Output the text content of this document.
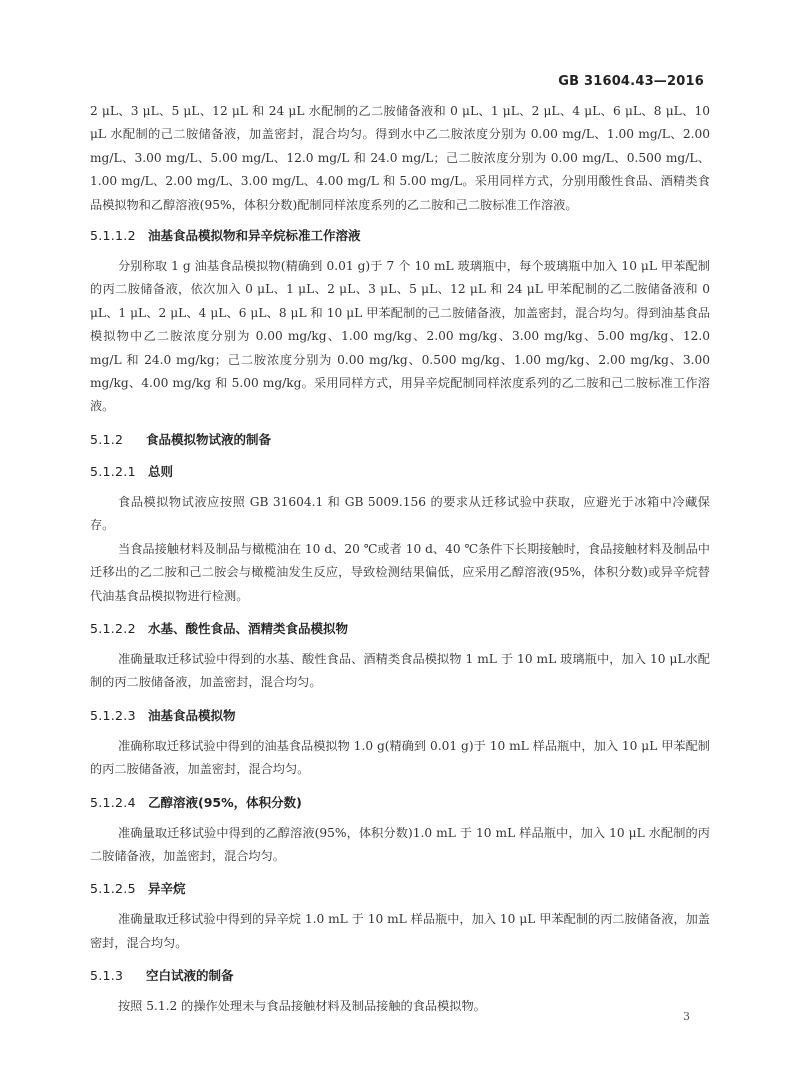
GB 31604.43—2016

2 μL、3 μL、5 μL、12 μL 和 24 μL 水配制的乙二胺储备液和 0 μL、1 μL、2 μL、4 μL、6 μL、8 μL、10 μL 水配制的己二胺储备液，加盖密封，混合均匀。得到水中乙二胺浓度分别为 0.00 mg/L、1.00 mg/L、2.00 mg/L、3.00 mg/L、5.00 mg/L、12.0 mg/L 和 24.0 mg/L；己二胺浓度分别为 0.00 mg/L、0.500 mg/L、1.00 mg/L、2.00 mg/L、3.00 mg/L、4.00 mg/L 和 5.00 mg/L。采用同样方式，分别用酸性食品、酒精类食品模拟物和乙醇溶液(95%，体积分数)配制同样浓度系列的乙二胺和己二胺标准工作溶液。

5.1.1.2 油基食品模拟物和异辛烷标准工作溶液

分别称取 1 g 油基食品模拟物(精确到 0.01 g)于 7 个 10 mL 玻璃瓶中，每个玻璃瓶中加入 10 μL 甲苯配制的丙二胺储备液，依次加入 0 μL、1 μL、2 μL、3 μL、5 μL、12 μL 和 24 μL 甲苯配制的乙二胺储备液和 0 μL、1 μL、2 μL、4 μL、6 μL、8 μL 和 10 μL 甲苯配制的己二胺储备液，加盖密封，混合均匀。得到油基食品模拟物中乙二胺浓度分别为 0.00 mg/kg、1.00 mg/kg、2.00 mg/kg、3.00 mg/kg、5.00 mg/kg、12.0 mg/L 和 24.0 mg/kg；己二胺浓度分别为 0.00 mg/kg、0.500 mg/kg、1.00 mg/kg、2.00 mg/kg、3.00 mg/kg、4.00 mg/kg 和 5.00 mg/kg。采用同样方式，用异辛烷配制同样浓度系列的乙二胺和己二胺标准工作溶液。

5.1.2	食品模拟物试液的制备
5.1.2.1 总则

食品模拟物试液应按照 GB 31604.1 和 GB 5009.156 的要求从迁移试验中获取，应避光于冰箱中冷藏保存。

当食品接触材料及制品与橄榄油在 10 d、20 ℃或者 10 d、40 ℃条件下长期接触时，食品接触材料及制品中迁移出的乙二胺和己二胺会与橄榄油发生反应，导致检测结果偏低，应采用乙醇溶液(95%，体积分数)或异辛烷替代油基食品模拟物进行检测。

5.1.2.2 水基、酸性食品、酒精类食品模拟物

准确量取迁移试验中得到的水基、酸性食品、酒精类食品模拟物 1 mL 于 10 mL 玻璃瓶中，加入 10 μL水配制的丙二胺储备液，加盖密封，混合均匀。

5.1.2.3 油基食品模拟物

准确称取迁移试验中得到的油基食品模拟物 1.0 g(精确到 0.01 g)于 10 mL 样品瓶中，加入 10 μL 甲苯配制的丙二胺储备液，加盖密封，混合均匀。

5.1.2.4 乙醇溶液(95%，体积分数)

准确量取迁移试验中得到的乙醇溶液(95%，体积分数)1.0 mL 于 10 mL 样品瓶中，加入 10 μL 水配制的丙二胺储备液，加盖密封，混合均匀。

5.1.2.5 异辛烷

准确量取迁移试验中得到的异辛烷 1.0 mL 于 10 mL 样品瓶中，加入 10 μL 甲苯配制的丙二胺储备液，加盖密封，混合均匀。

5.1.3	空白试液的制备

按照 5.1.2 的操作处理未与食品接触材料及制品接触的食品模拟物。

3
